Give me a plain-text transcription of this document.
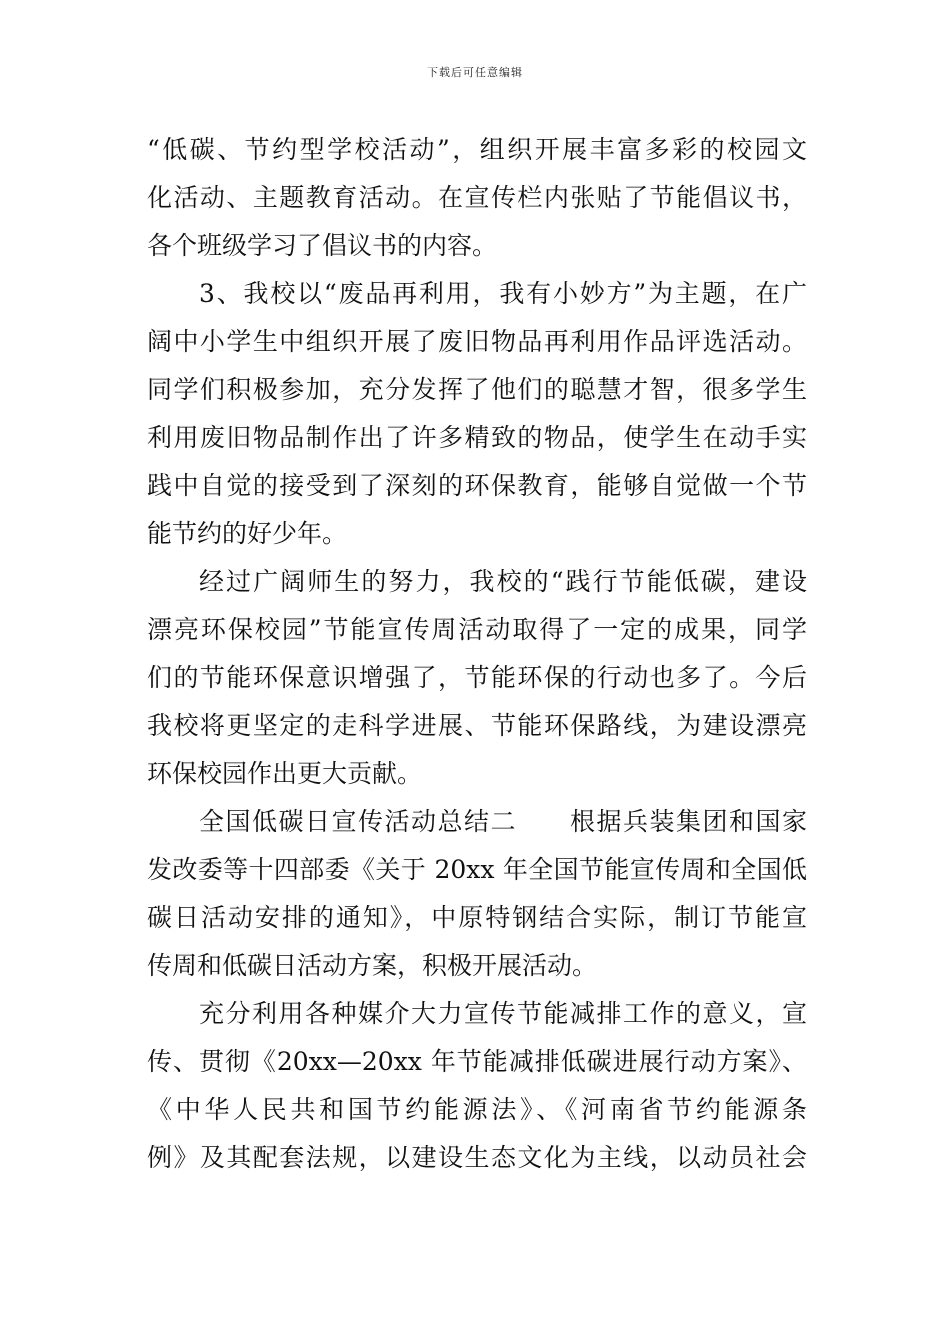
下载后可任意编辑
“低碳、节约型学校活动”，组织开展丰富多彩的校园文
化活动、主题教育活动。在宣传栏内张贴了节能倡议书，
各个班级学习了倡议书的内容。
3、我校以“废品再利用，我有小妙方”为主题，在广
阔中小学生中组织开展了废旧物品再利用作品评选活动。
同学们积极参加，充分发挥了他们的聪慧才智，很多学生
利用废旧物品制作出了许多精致的物品，使学生在动手实
践中自觉的接受到了深刻的环保教育，能够自觉做一个节
能节约的好少年。
经过广阔师生的努力，我校的“践行节能低碳，建设
漂亮环保校园”节能宣传周活动取得了一定的成果，同学
们的节能环保意识增强了，节能环保的行动也多了。今后
我校将更坚定的走科学进展、节能环保路线，为建设漂亮
环保校园作出更大贡献。
全国低碳日宣传活动总结二　　根据兵装集团和国家
发改委等十四部委《关于 20xx 年全国节能宣传周和全国低
碳日活动安排的通知》，中原特钢结合实际，制订节能宣
传周和低碳日活动方案，积极开展活动。
充分利用各种媒介大力宣传节能减排工作的意义，宣
传、贯彻《20xx—20xx 年节能减排低碳进展行动方案》、
《中华人民共和国节约能源法》、《河南省节约能源条
例》及其配套法规，以建设生态文化为主线，以动员社会
